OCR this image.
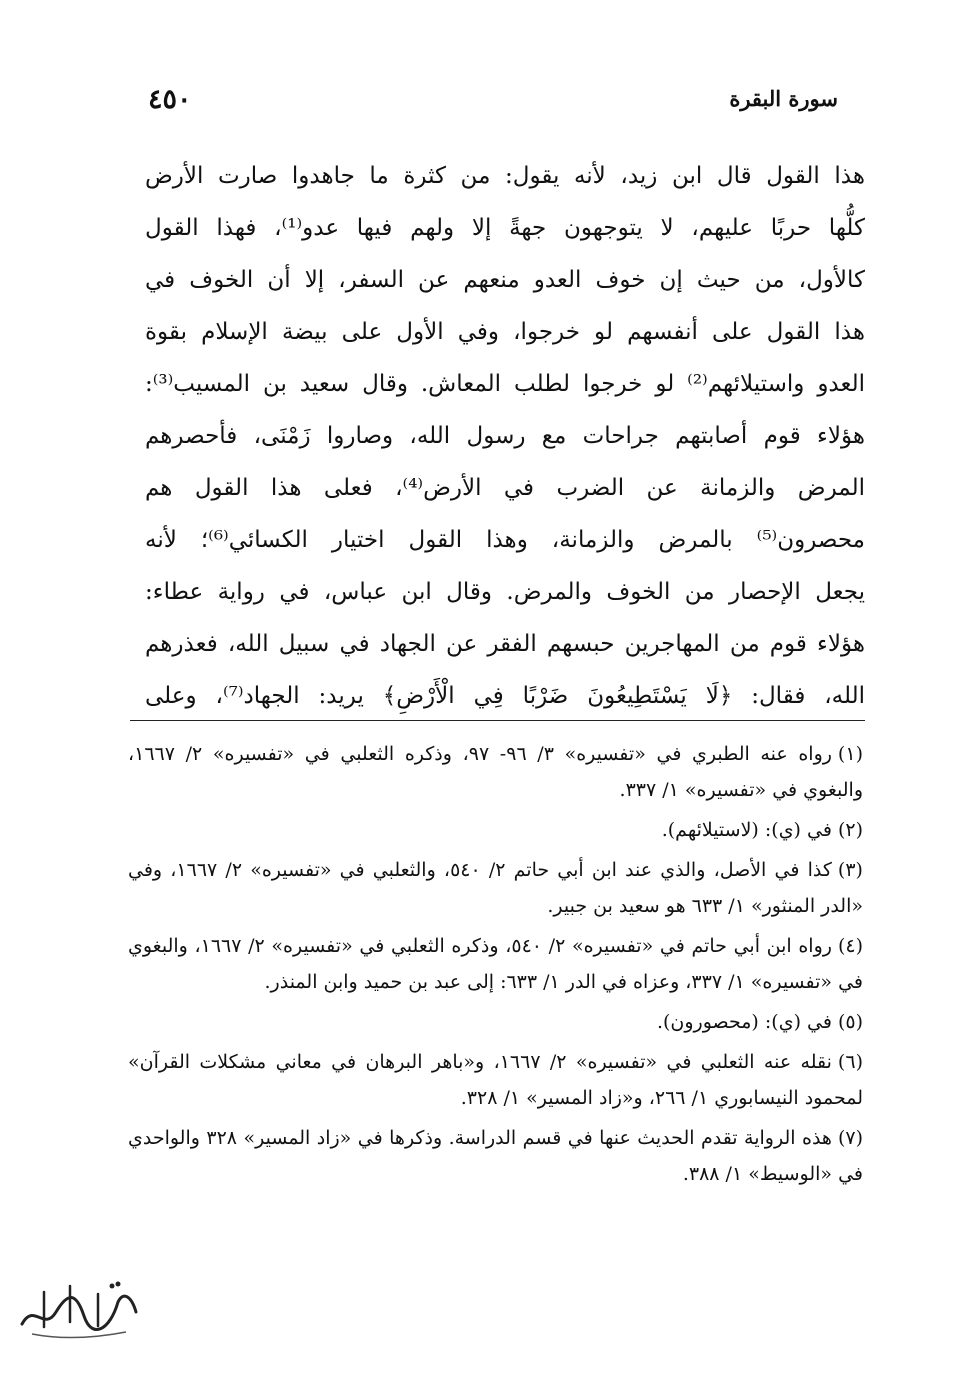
سورة البقرة
٤٥٠
هذا القول قال ابن زيد، لأنه يقول: من كثرة ما جاهدوا صارت الأرض
كلُّها حربًا عليهم، لا يتوجهون جهةً إلا ولهم فيها عدو⁽¹⁾، فهذا القول
كالأول، من حيث إن خوف العدو منعهم عن السفر، إلا أن الخوف في
هذا القول على أنفسهم لو خرجوا، وفي الأول على بيضة الإسلام بقوة
العدو واستيلائهم⁽²⁾ لو خرجوا لطلب المعاش. وقال سعيد بن المسيب⁽³⁾:
هؤلاء قوم أصابتهم جراحات مع رسول الله، وصاروا زَمْنَى، فأحصرهم
المرض والزمانة عن الضرب في الأرض⁽⁴⁾، فعلى هذا القول هم
محصرون⁽⁵⁾ بالمرض والزمانة، وهذا القول اختيار الكسائي⁽⁶⁾؛ لأنه
يجعل الإحصار من الخوف والمرض. وقال ابن عباس، في رواية عطاء:
هؤلاء قوم من المهاجرين حبسهم الفقر عن الجهاد في سبيل الله، فعذرهم
الله، فقال: ﴿لَا يَسْتَطِيعُونَ ضَرْبًا فِي الْأَرْضِ﴾ يريد: الجهاد⁽⁷⁾، وعلى

(١)رواه عنه الطبري في «تفسيره» ٣/ ٩٦- ٩٧، وذكره الثعلبي في «تفسيره» ٢/ ١٦٦٧، والبغوي في «تفسيره» ١/ ٣٣٧.

(٢)في (ي): (لاستيلائهم).

(٣)كذا في الأصل، والذي عند ابن أبي حاتم ٢/ ٥٤٠، والثعلبي في «تفسيره» ٢/ ١٦٦٧، وفي «الدر المنثور» ١/ ٦٣٣ هو سعيد بن جبير.

(٤)رواه ابن أبي حاتم في «تفسيره» ٢/ ٥٤٠، وذكره الثعلبي في «تفسيره» ٢/ ١٦٦٧، والبغوي في «تفسيره» ١/ ٣٣٧، وعزاه في الدر ١/ ٦٣٣: إلى عبد بن حميد وابن المنذر.

(٥)في (ي): (محصورون).

(٦)نقله عنه الثعلبي في «تفسيره» ٢/ ١٦٦٧، و«باهر البرهان في معاني مشكلات القرآن» لمحمود النيسابوري ١/ ٢٦٦، و«زاد المسير» ١/ ٣٢٨.

(٧)هذه الرواية تقدم الحديث عنها في قسم الدراسة. وذكرها في «زاد المسير» ٣٢٨ والواحدي في «الوسيط» ١/ ٣٨٨.
